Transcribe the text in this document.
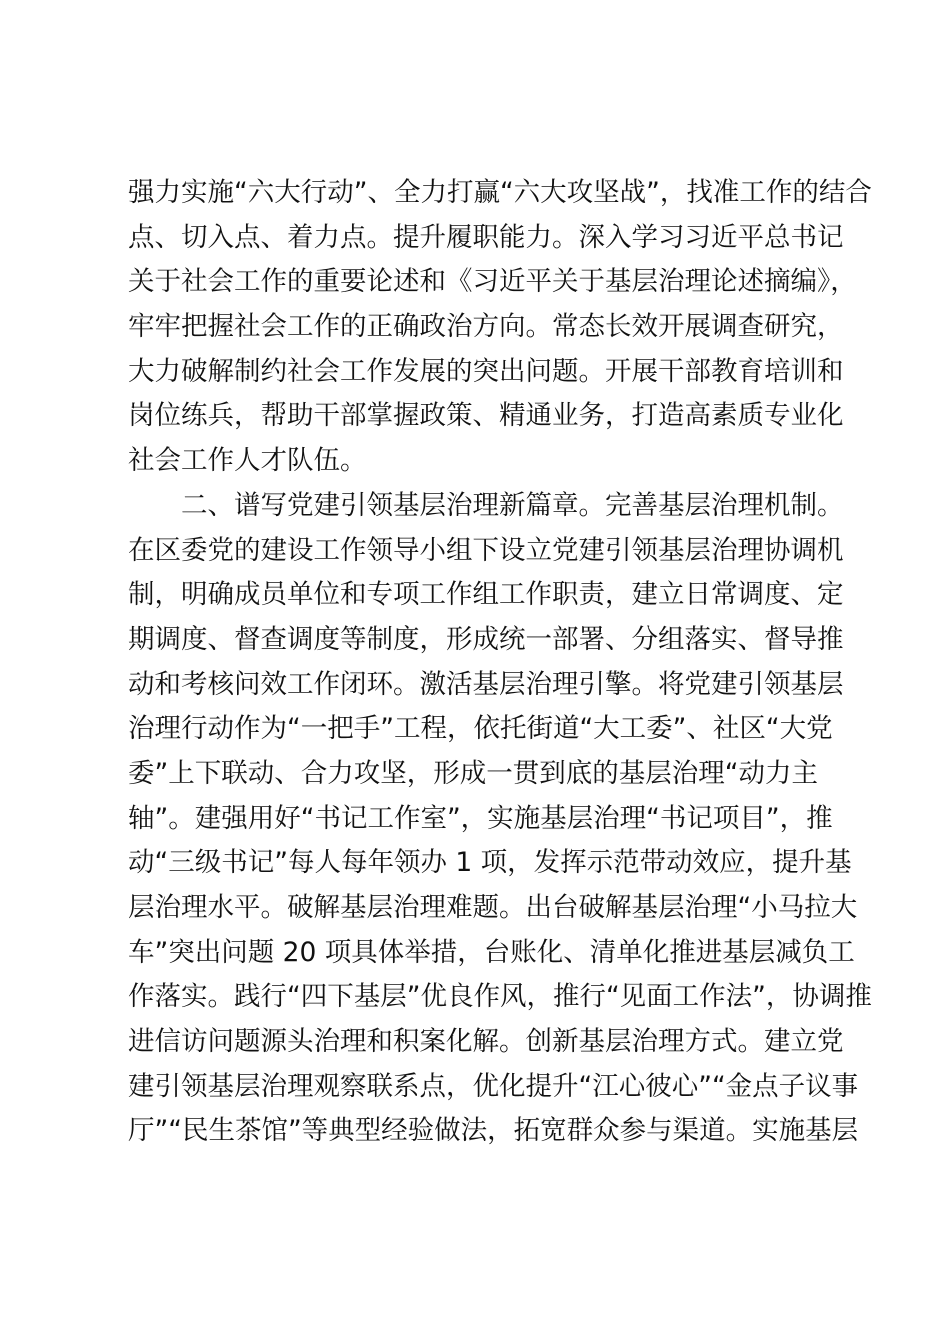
强力实施“六大行动”、全力打赢“六大攻坚战”，找准工作的结合
点、切入点、着力点。提升履职能力。深入学习习近平总书记
关于社会工作的重要论述和《习近平关于基层治理论述摘编》，
牢牢把握社会工作的正确政治方向。常态长效开展调查研究，
大力破解制约社会工作发展的突出问题。开展干部教育培训和
岗位练兵，帮助干部掌握政策、精通业务，打造高素质专业化
社会工作人才队伍。
二、谱写党建引领基层治理新篇章。完善基层治理机制。
在区委党的建设工作领导小组下设立党建引领基层治理协调机
制，明确成员单位和专项工作组工作职责，建立日常调度、定
期调度、督查调度等制度，形成统一部署、分组落实、督导推
动和考核问效工作闭环。激活基层治理引擎。将党建引领基层
治理行动作为“一把手”工程，依托街道“大工委”、社区“大党
委”上下联动、合力攻坚，形成一贯到底的基层治理“动力主
轴”。建强用好“书记工作室”，实施基层治理“书记项目”，推
动“三级书记”每人每年领办 1 项，发挥示范带动效应，提升基
层治理水平。破解基层治理难题。出台破解基层治理“小马拉大
车”突出问题 20 项具体举措，台账化、清单化推进基层减负工
作落实。践行“四下基层”优良作风，推行“见面工作法”，协调推
进信访问题源头治理和积案化解。创新基层治理方式。建立党
建引领基层治理观察联系点，优化提升“江心彼心”“金点子议事
厅”“民生茶馆”等典型经验做法，拓宽群众参与渠道。实施基层
